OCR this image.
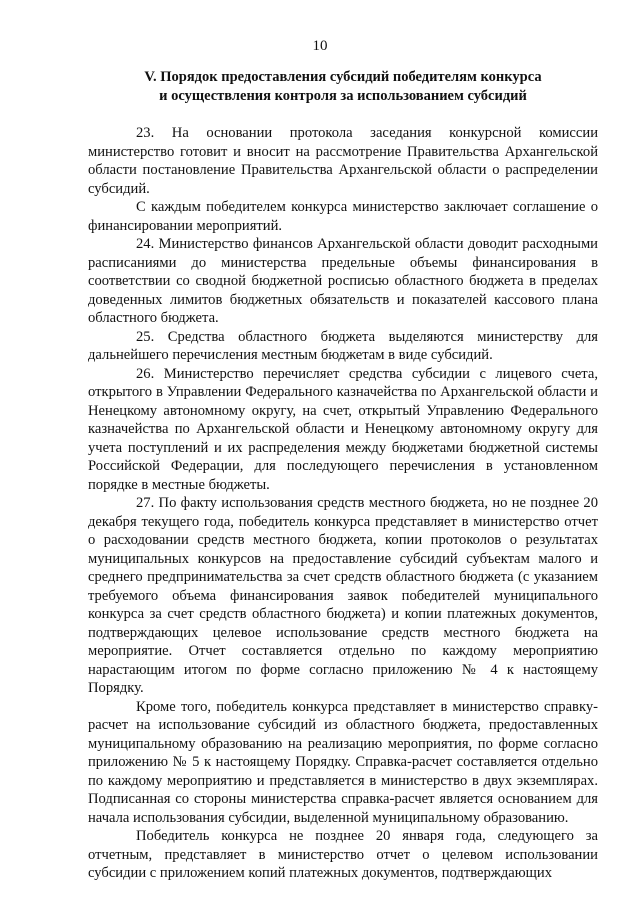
10
V. Порядок предоставления субсидий победителям конкурса
и осуществления контроля за использованием субсидий

23. На основании протокола заседания конкурсной комиссии министерство готовит и вносит на рассмотрение Правительства Архангельской области постановление Правительства Архангельской области о распределении субсидий.

С каждым победителем конкурса министерство заключает соглашение о финансировании мероприятий.

24. Министерство финансов Архангельской области доводит расходными расписаниями до министерства предельные объемы финансирования в соответствии со сводной бюджетной росписью областного бюджета в пределах доведенных лимитов бюджетных обязательств и показателей кассового плана областного бюджета.

25. Средства областного бюджета выделяются министерству для дальнейшего перечисления местным бюджетам в виде субсидий.

26. Министерство перечисляет средства субсидии с лицевого счета, открытого в Управлении Федерального казначейства по Архангельской области и Ненецкому автономному округу, на счет, открытый Управлению Федерального казначейства по Архангельской области и Ненецкому автономному округу для учета поступлений и их распределения между бюджетами бюджетной системы Российской Федерации, для последующего перечисления в установленном порядке в местные бюджеты.

27. По факту использования средств местного бюджета, но не позднее 20 декабря текущего года, победитель конкурса представляет в министерство отчет о расходовании средств местного бюджета, копии протоколов о результатах муниципальных конкурсов на предоставление субсидий субъектам малого и среднего предпринимательства за счет средств областного бюджета (с указанием требуемого объема финансирования заявок победителей муниципального конкурса за счет средств областного бюджета) и копии платежных документов, подтверждающих целевое использование средств местного бюджета на мероприятие. Отчет составляется отдельно по каждому мероприятию нарастающим итогом по форме согласно приложению № 4 к настоящему Порядку.

Кроме того, победитель конкурса представляет в министерство справку-расчет на использование субсидий из областного бюджета, предоставленных муниципальному образованию на реализацию мероприятия, по форме согласно приложению № 5 к настоящему Порядку. Справка-расчет составляется отдельно по каждому мероприятию и представляется в министерство в двух экземплярах. Подписанная со стороны министерства справка-расчет является основанием для начала использования субсидии, выделенной муниципальному образованию.

Победитель конкурса не позднее 20 января года, следующего за отчетным, представляет в министерство отчет о целевом использовании субсидии с приложением копий платежных документов, подтверждающих
